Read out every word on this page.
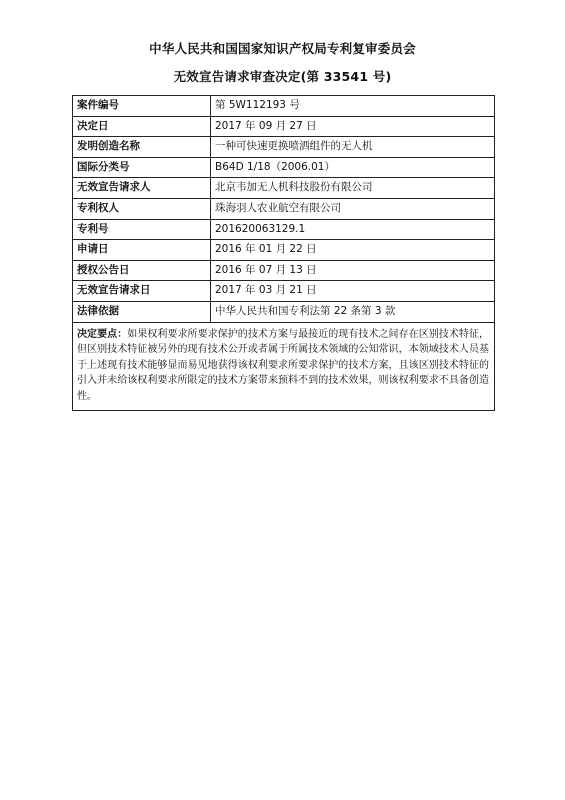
中华人民共和国国家知识产权局专利复审委员会
无效宣告请求审查决定(第 33541 号)
案件编号	第 5W112193 号
决定日	2017 年 09 月 27 日
发明创造名称	一种可快速更换喷洒组件的无人机
国际分类号	B64D 1/18（2006.01）
无效宣告请求人	北京韦加无人机科技股份有限公司
专利权人	珠海羽人农业航空有限公司
专利号	201620063129.1
申请日	2016 年 01 月 22 日
授权公告日	2016 年 07 月 13 日
无效宣告请求日	2017 年 03 月 21 日
法律依据	中华人民共和国专利法第 22 条第 3 款
决定要点：如果权利要求所要求保护的技术方案与最接近的现有技术之间存在区别技术特征，但区别技术特征被另外的现有技术公开或者属于所属技术领域的公知常识，本领域技术人员基于上述现有技术能够显而易见地获得该权利要求所要求保护的技术方案，且该区别技术特征的引入并未给该权利要求所限定的技术方案带来预料不到的技术效果，则该权利要求不具备创造性。	
